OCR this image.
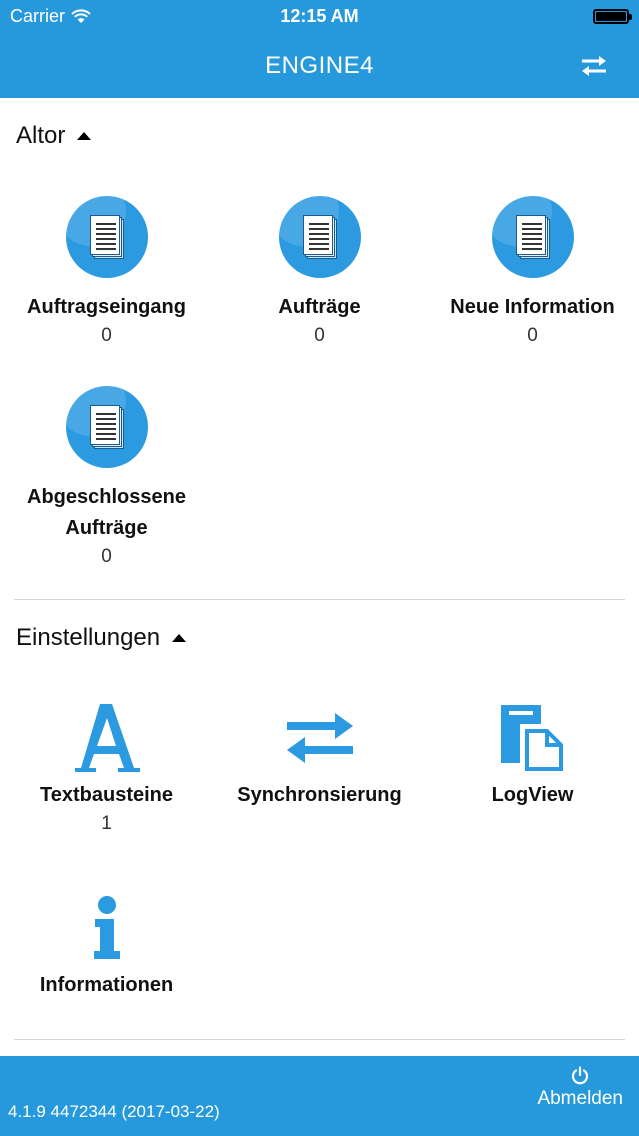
Carrier	12:15 AM
ENGINE4
Altor
Auftragseingang
0
Aufträge
0
Neue Information
0
Abgeschlossene
Aufträge
0
Einstellungen
Textbausteine
1
Synchronsierung	LogView
Informationen
4.1.9 4472344 (2017-03-22)
Abmelden
